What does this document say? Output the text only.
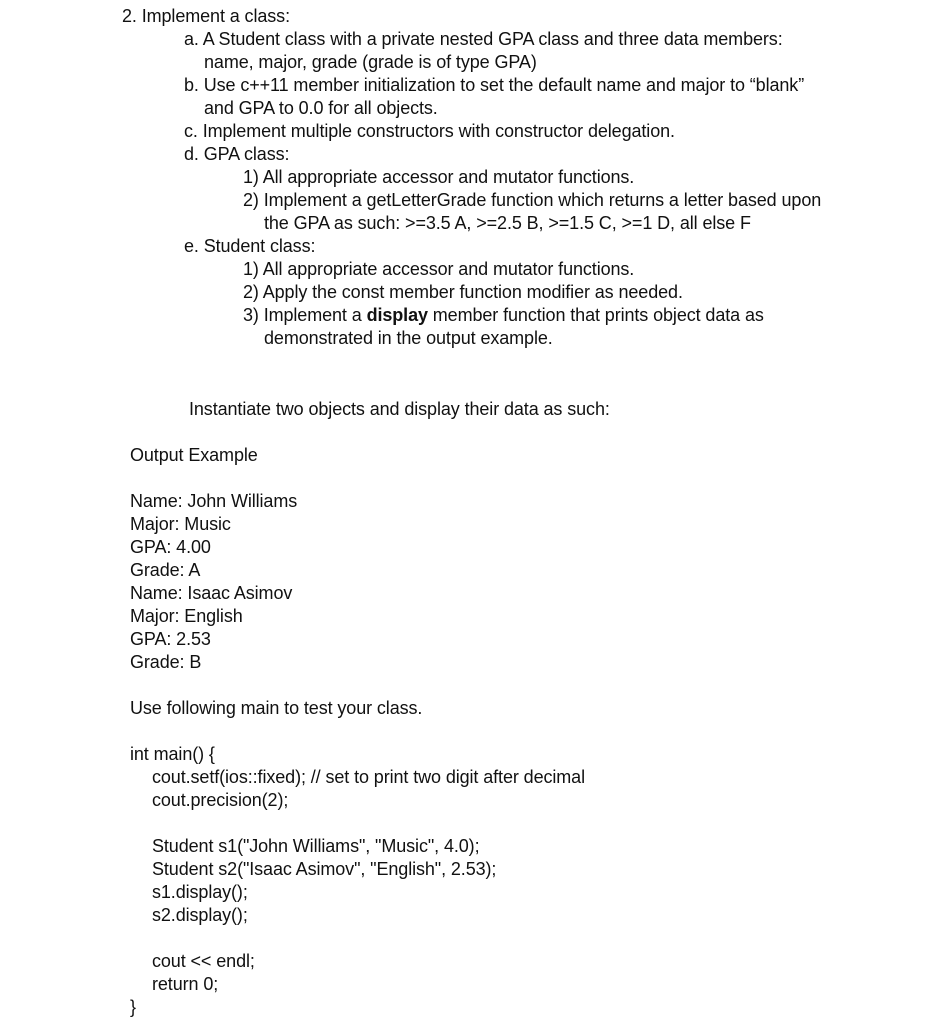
2. Implement a class:
a. A Student class with a private nested GPA class and three data members:
name, major, grade (grade is of type GPA)
b. Use c++11 member initialization to set the default name and major to “blank”
and GPA to 0.0 for all objects.
c. Implement multiple constructors with constructor delegation.
d. GPA class:
1) All appropriate accessor and mutator functions.
2) Implement a getLetterGrade function which returns a letter based upon
the GPA as such: >=3.5 A, >=2.5 B, >=1.5 C, >=1 D, all else F
e. Student class:
1) All appropriate accessor and mutator functions.
2) Apply the const member function modifier as needed.
3) Implement a display member function that prints object data as
demonstrated in the output example.
Instantiate two objects and display their data as such:
Output Example
Name: John Williams
Major: Music
GPA: 4.00
Grade: A
Name: Isaac Asimov
Major: English
GPA: 2.53
Grade: B
Use following main to test your class.
int main() {
cout.setf(ios::fixed); // set to print two digit after decimal
cout.precision(2);
Student s1("John Williams", "Music", 4.0);
Student s2("Isaac Asimov", "English", 2.53);
s1.display();
s2.display();
cout << endl;
return 0;
}
